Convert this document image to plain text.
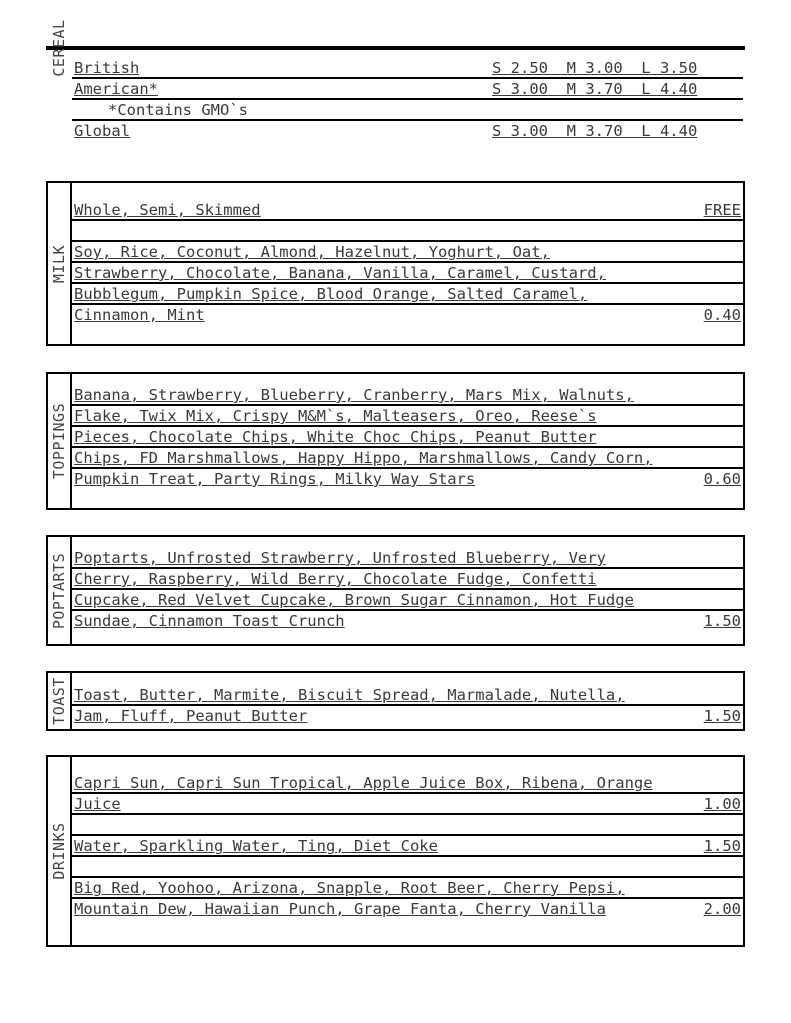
CEREAL British	S 2.50  M 3.00  L 3.50
American*	S 3.00  M 3.70  L 4.40
*Contains GMO`s
Global	S 3.00  M 3.70  L 4.40
MILK
Whole, Semi, Skimmed	FREE
Soy, Rice, Coconut, Almond, Hazelnut, Yoghurt, Oat,
Strawberry, Chocolate, Banana, Vanilla, Caramel, Custard,
Bubblegum, Pumpkin Spice, Blood Orange, Salted Caramel,
Cinnamon, Mint	0.40
TOPPINGS
Banana, Strawberry, Blueberry, Cranberry, Mars Mix, Walnuts,
Flake, Twix Mix, Crispy M&M`s, Malteasers, Oreo, Reese`s
Pieces, Chocolate Chips, White Choc Chips, Peanut Butter
Chips, FD Marshmallows, Happy Hippo, Marshmallows, Candy Corn,
Pumpkin Treat, Party Rings, Milky Way Stars	0.60
POPTARTS Poptarts, Unfrosted Strawberry, Unfrosted Blueberry, Very
Cherry, Raspberry, Wild Berry, Chocolate Fudge, Confetti
Cupcake, Red Velvet Cupcake, Brown Sugar Cinnamon, Hot Fudge
Sundae, Cinnamon Toast Crunch	1.50
TOAST Toast, Butter, Marmite, Biscuit Spread, Marmalade, Nutella,
Jam, Fluff, Peanut Butter	1.50
DRINKS
Capri Sun, Capri Sun Tropical, Apple Juice Box, Ribena, Orange
Juice	1.00
Water, Sparkling Water, Ting, Diet Coke	1.50
Big Red, Yoohoo, Arizona, Snapple, Root Beer, Cherry Pepsi,
Mountain Dew, Hawaiian Punch, Grape Fanta, Cherry Vanilla	2.00
